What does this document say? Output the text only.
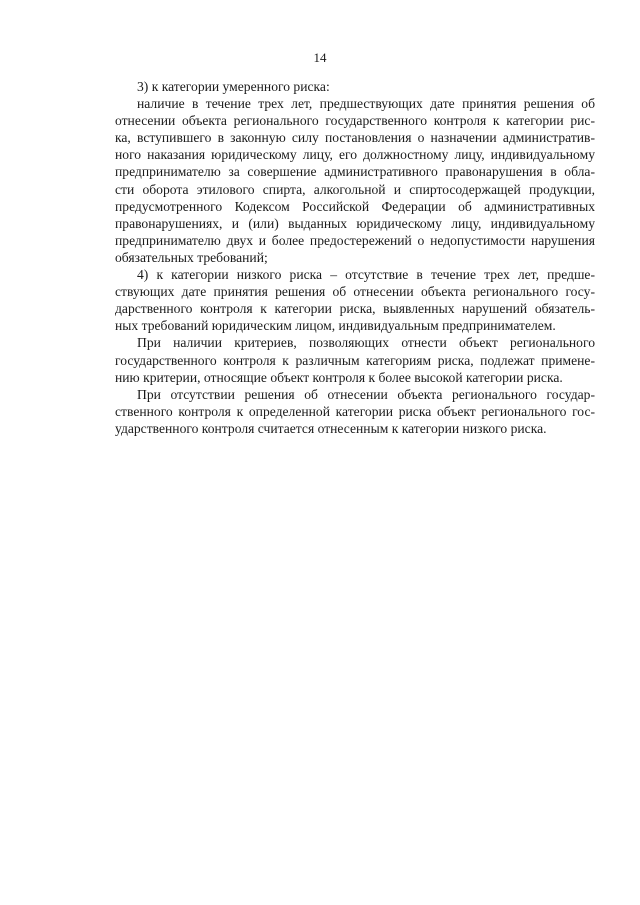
14
3) к категории умеренного риска:
наличие в течение трех лет, предшествующих дате принятия решения об
отнесении объекта регионального государственного контроля к категории рис-
ка, вступившего в законную силу постановления о назначении административ-
ного наказания юридическому лицу, его должностному лицу, индивидуальному
предпринимателю за совершение административного правонарушения в обла-
сти оборота этилового спирта, алкогольной и спиртосодержащей продукции,
предусмотренного Кодексом Российской Федерации об административных
правонарушениях, и (или) выданных юридическому лицу, индивидуальному
предпринимателю двух и более предостережений о недопустимости нарушения
обязательных требований;
4) к категории низкого риска – отсутствие в течение трех лет, предше-
ствующих дате принятия решения об отнесении объекта регионального госу-
дарственного контроля к категории риска, выявленных нарушений обязатель-
ных требований юридическим лицом, индивидуальным предпринимателем.
При наличии критериев, позволяющих отнести объект регионального
государственного контроля к различным категориям риска, подлежат примене-
нию критерии, относящие объект контроля к более высокой категории риска.
При отсутствии решения об отнесении объекта регионального государ-
ственного контроля к определенной категории риска объект регионального гос-
ударственного контроля считается отнесенным к категории низкого риска.
